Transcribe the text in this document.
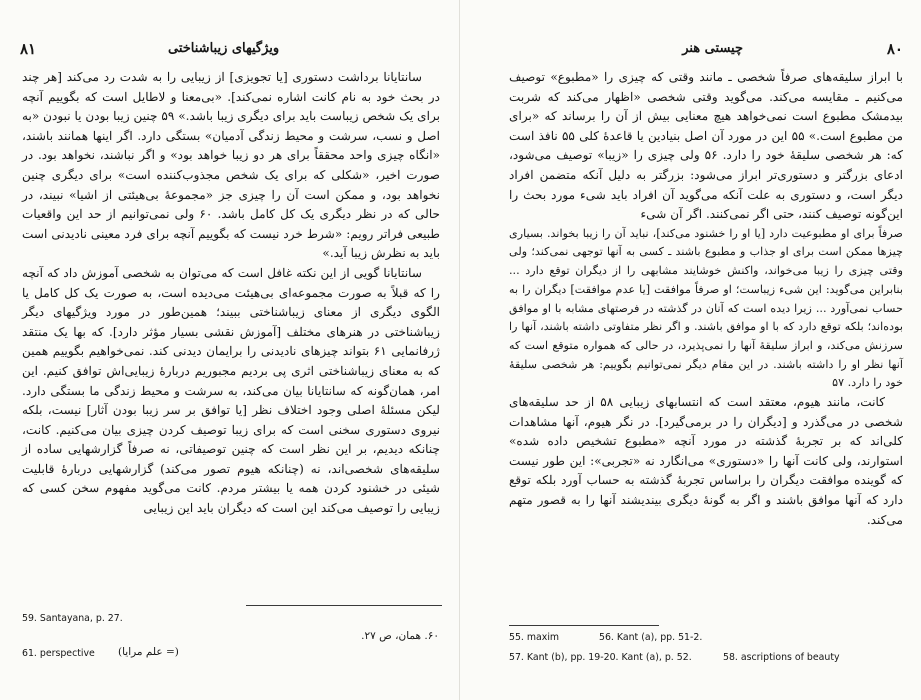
۸۱	ویژگیهای زیباشناختی

سانتایانا برداشت دستوری [یا تجویزی] از زیبایی را به شدت رد می‌کند [هر چند در بحث خود به نام کانت اشاره نمی‌کند]. «بی‌معنا و لاطایل است که بگوییم آنچه برای یک شخص زیباست باید برای دیگری زیبا باشد.» ۵۹ چنین زیبا بودن یا نبودن «به اصل و نسب، سرشت و محیط زندگی آدمیان» بستگی دارد. اگر اینها همانند باشند، «انگاه چیزی واحد محققاً برای هر دو زیبا خواهد بود» و اگر نباشند، نخواهد بود. در صورت اخیر، «شکلی که برای یک شخص مجذوب‌کننده است» برای دیگری چنین نخواهد بود، و ممکن است آن را چیزی جز «مجموعهٔ بی‌هیئتی از اشیا» نبیند، در حالی که در نظر دیگری یک کل کامل باشد. ۶۰ ولی نمی‌توانیم از حد این واقعیات طبیعی فراتر رویم: «شرط خرد نیست که بگوییم آنچه برای فرد معینی نادیدنی است باید به نظرش زیبا آید.»

سانتایانا گویی از این نکته غافل است که می‌توان به شخصی آموزش داد که آنچه را که قبلاً به صورت مجموعه‌ای بی‌هیئت می‌دیده است، به صورت یک کل کامل یا الگوی دیگری از معنای زیباشناختی ببیند؛ همین‌طور در مورد ویژگیهای دیگر زیباشناختی در هنرهای مختلف [آموزش نقشی بسیار مؤثر دارد]. که بها یک منتقد ژرفانمایی ۶۱ بتواند چیزهای نادیدنی را برایمان دیدنی کند. نمی‌خواهیم بگوییم همین که به معنای زیباشناختی اثری پی بردیم مجبوریم دربارهٔ زیبایی‌اش توافق کنیم. این امر، همان‌گونه که سانتایانا بیان می‌کند، به سرشت و محیط زندگی ما بستگی دارد. لیکن مسئلهٔ اصلی وجود اختلاف نظر [یا توافق بر سر زیبا بودن آثار] نیست، بلکه نیروی دستوری سخنی است که برای زیبا توصیف کردن چیزی بیان می‌کنیم. کانت، چنانکه دیدیم، بر این نظر است که چنین توصیفاتی، نه صرفاً گزارشهایی ساده از سلیقه‌های شخصی‌اند، نه (چنانکه هیوم تصور می‌کند) گزارشهایی دربارهٔ قابلیت شیئی در خشنود کردن همه یا بیشتر مردم. کانت می‌گوید مفهوم سخن کسی که زیبایی را توصیف می‌کند این است که دیگران باید این زیبایی

59. Santayana, p. 27.
۶۰. همان، ص ۲۷.
61. perspective (= علم مرایا)
۸۰
چیستی هنر

با ابراز سلیقه‌های صرفاً شخصی ـ مانند وقتی که چیزی را «مطبوع» توصیف می‌کنیم ـ مقایسه می‌کند. می‌گوید وقتی شخصی «اظهار می‌کند که شربت بیدمشک مطبوع است نمی‌خواهد هیچ معنایی بیش از آن را برساند که «برای من مطبوع است.» ۵۵ این در مورد آن اصل بنیادین یا قاعدهٔ کلی ۵۵ نافذ است که: هر شخصی سلیقهٔ خود را دارد. ۵۶ ولی چیزی را «زیبا» توصیف می‌شود، ادعای بزرگتر و دستوری‌تر ابراز می‌شود: بزرگتر به دلیل آنکه متضمن افراد دیگر است، و دستوری به علت آنکه می‌گوید آن افراد باید شیء مورد بحث را این‌گونه توصیف کنند، حتی اگر نمی‌کنند. اگر آن شیء

صرفاً برای او مطبوعیت دارد [یا او را خشنود می‌کند]، نباید آن را زیبا بخواند. بسیاری چیزها ممکن است برای او جذاب و مطبوع باشند ـ کسی به آنها توجهی نمی‌کند؛ ولی وقتی چیزی را زیبا می‌خواند، واکنش خوشایند مشابهی را از دیگران توقع دارد ... بنابراین می‌گوید: این شیء زیباست؛ او صرفاً موافقت [یا عدم موافقت] دیگران را به حساب نمی‌آورد ... زیرا دیده است که آنان در گذشته در فرصتهای مشابه با او موافق بوده‌اند؛ بلکه توقع دارد که با او موافق باشند. و اگر نظر متفاوتی داشته باشند، آنها را سرزنش می‌کند، و ابراز سلیقهٔ آنها را نمی‌پذیرد، در حالی که همواره متوقع است که آنها نظر او را داشته باشند. در این مقام دیگر نمی‌توانیم بگوییم: هر شخصی سلیقهٔ خود را دارد. ۵۷

کانت، مانند هیوم، معتقد است که انتسابهای زیبایی ۵۸ از حد سلیقه‌های شخصی در می‌گذرد و [دیگران را در برمی‌گیرد]. در نگر هیوم، آنها مشاهدات کلی‌اند که بر تجربهٔ گذشته در مورد آنچه «مطبوع تشخیص داده شده» استوارند، ولی کانت آنها را «دستوری» می‌انگارد نه «تجربی»: این طور نیست که گوینده موافقت دیگران را براساس تجربهٔ گذشته به حساب آورد بلکه توقع دارد که آنها موافق باشند و اگر به گونهٔ دیگری بیندیشند آنها را به قصور متهم می‌کند.

55. maxim	56. Kant (a), pp. 51-2.
57. Kant (b), pp. 19-20. Kant (a), p. 52.	58. ascriptions of beauty
